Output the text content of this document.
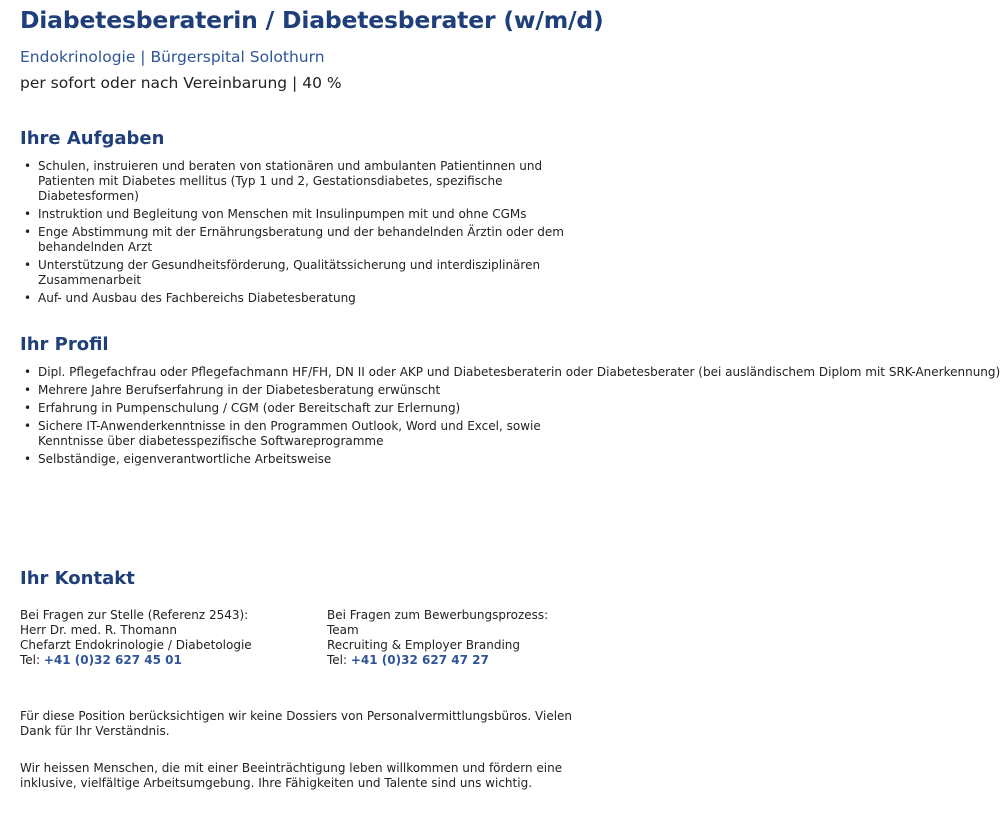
Diabetesberaterin / Diabetesberater (w/m/d)

Endokrinologie | Bürgerspital Solothurn

per sofort oder nach Vereinbarung | 40 %

Ihre Aufgaben
• Schulen, instruieren und beraten von stationären und ambulanten Patientinnen und Patienten mit Diabetes mellitus (Typ 1 und 2, Gestationsdiabetes, spezifische Diabetesformen)
• Instruktion und Begleitung von Menschen mit Insulinpumpen mit und ohne CGMs
• Enge Abstimmung mit der Ernährungsberatung und der behandelnden Ärztin oder dem behandelnden Arzt
• Unterstützung der Gesundheitsförderung, Qualitätssicherung und interdisziplinären Zusammenarbeit
• Auf- und Ausbau des Fachbereichs Diabetesberatung
Ihr Profil
• Dipl. Pflegefachfrau oder Pflegefachmann HF/FH, DN II oder AKP und Diabetesberaterin oder Diabetesberater (bei ausländischem Diplom mit SRK-Anerkennung)
• Mehrere Jahre Berufserfahrung in der Diabetesberatung erwünscht
• Erfahrung in Pumpenschulung / CGM (oder Bereitschaft zur Erlernung)
• Sichere IT-Anwenderkenntnisse in den Programmen Outlook, Word und Excel, sowie Kenntnisse über diabetesspezifische Softwareprogramme
• Selbständige, eigenverantwortliche Arbeitsweise
Ihr Kontakt
Bei Fragen zur Stelle (Referenz 2543):
Herr Dr. med. R. Thomann
Chefarzt Endokrinologie / Diabetologie
Tel: +41 (0)32 627 45 01
Bei Fragen zum Bewerbungsprozess:
Team
Recruiting & Employer Branding
Tel: +41 (0)32 627 47 27

Für diese Position berücksichtigen wir keine Dossiers von Personalvermittlungsbüros. Vielen Dank für Ihr Verständnis.

Wir heissen Menschen, die mit einer Beeinträchtigung leben willkommen und fördern eine inklusive, vielfältige Arbeitsumgebung. Ihre Fähigkeiten und Talente sind uns wichtig.
